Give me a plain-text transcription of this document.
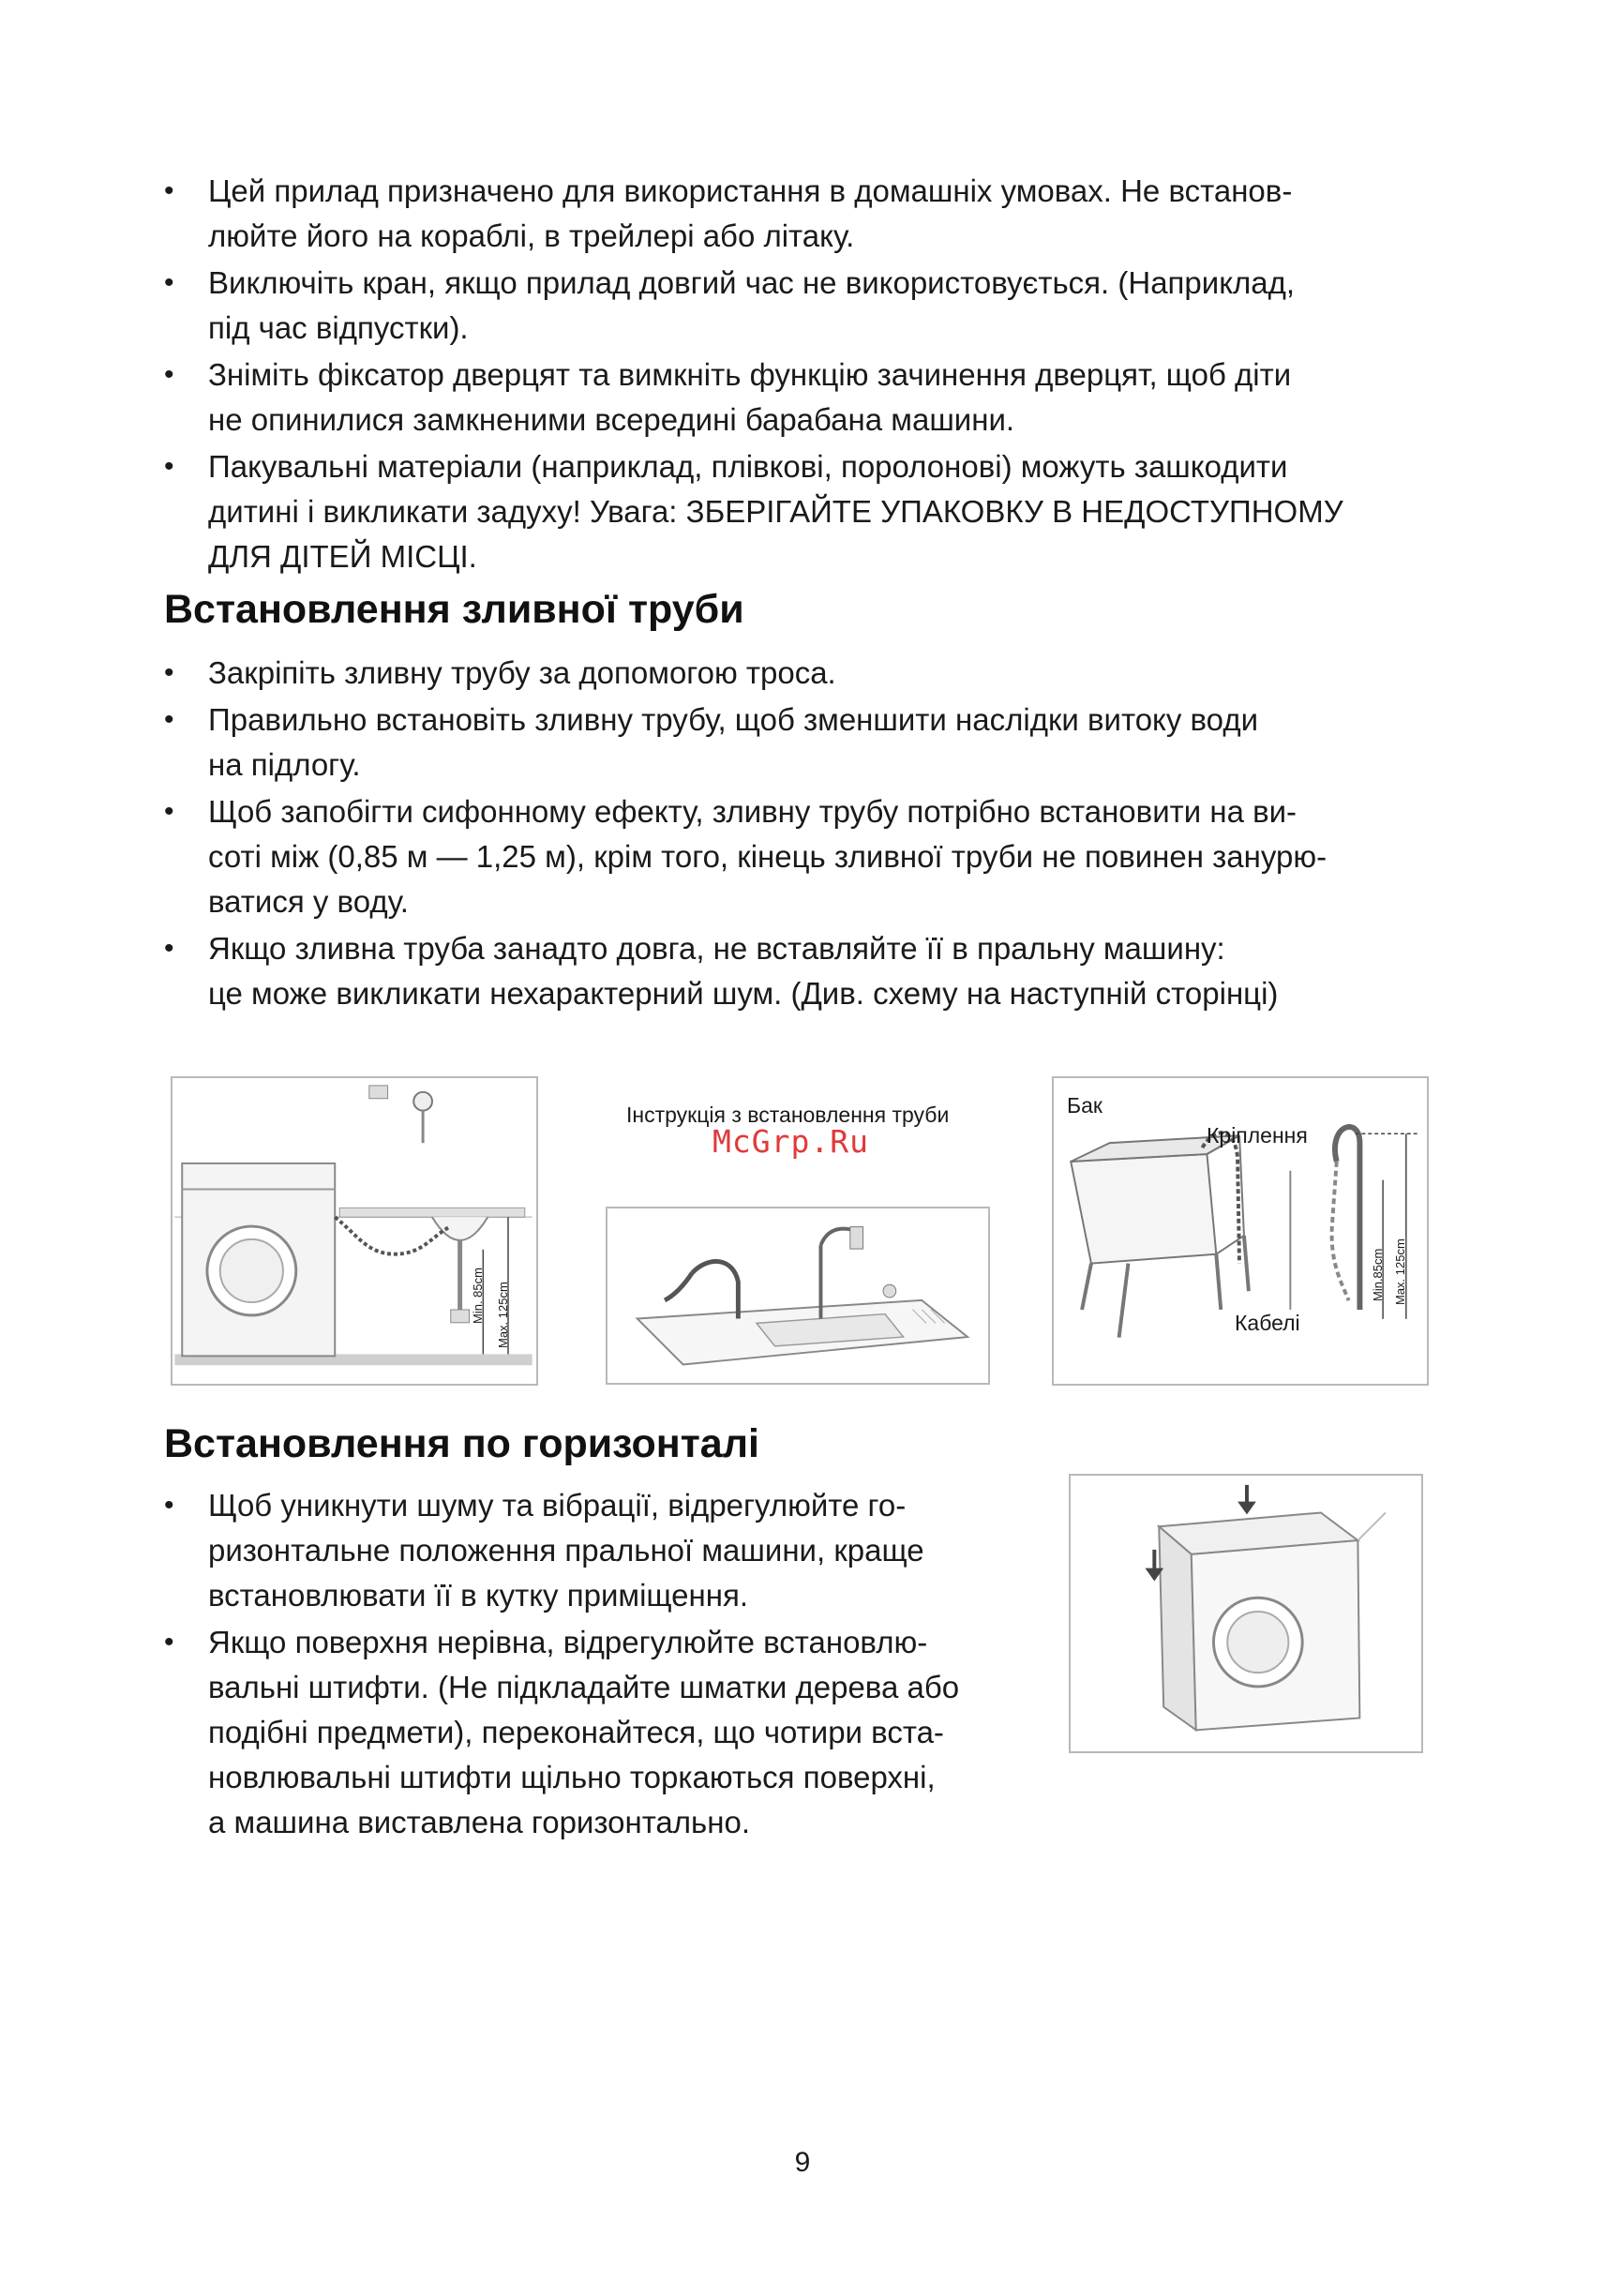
• Цей прилад призначено для використання в домашніх умовах. Не встанов-
люйте його на кораблі, в трейлері або літаку.
• Виключіть кран, якщо прилад довгий час не використовується. (Наприклад,
під час відпустки).
• Зніміть фіксатор дверцят та вимкніть функцію зачинення дверцят, щоб діти
не опинилися замкненими всередині барабана машини.
• Пакувальні матеріали (наприклад, плівкові, поролонові) можуть зашкодити
дитині і викликати задуху! Увага: ЗБЕРІГАЙТЕ УПАКОВКУ В НЕДОСТУПНОМУ
ДЛЯ ДІТЕЙ МІСЦІ.
Встановлення зливної труби
• Закріпіть зливну трубу за допомогою троса.
• Правильно встановіть зливну трубу, щоб зменшити наслідки витоку води
на підлогу.
• Щоб запобігти сифонному ефекту, зливну трубу потрібно встановити на ви-
соті між (0,85 м — 1,25 м), крім того, кінець зливної труби не повинен занурю-
ватися у воду.
• Якщо зливна труба занадто довга, не вставляйте її в пральну машину:
це може викликати нехарактерний шум. (Див. схему на наступній сторінці)
Min. 85cm Max. 125cm
Інструкція з встановлення труби
McGrp.Ru
Бак
Кріплення
Кабелі
Min.85cm Max. 125cm
Встановлення по горизонталі
• Щоб уникнути шуму та вібрації, відрегулюйте го-
ризонтальне положення пральної машини, краще
встановлювати її в кутку приміщення.
• Якщо поверхня нерівна, відрегулюйте встановлю-
вальні штифти. (Не підкладайте шматки дерева або
подібні предмети), переконайтеся, що чотири вста-
новлювальні штифти щільно торкаються поверхні,
а машина виставлена горизонтально.
9
